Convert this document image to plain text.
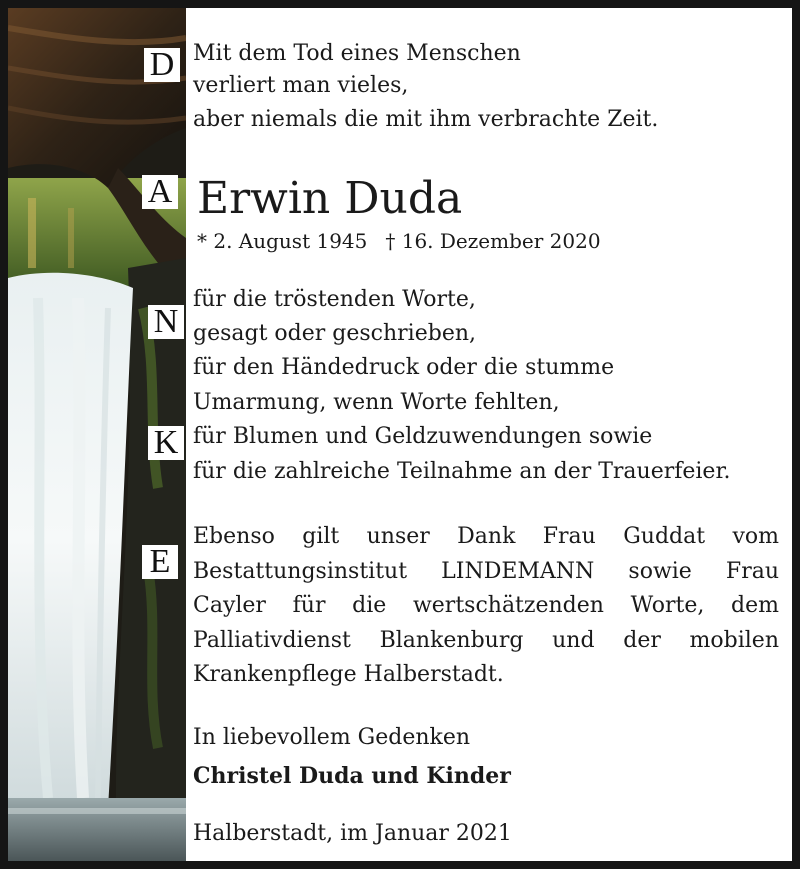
D
A
N
K
E
Mit dem Tod eines Menschen
verliert man vieles,
aber niemals die mit ihm verbrachte Zeit.
Erwin Duda
* 2. August 1945 † 16. Dezember 2020
für die tröstenden Worte,
gesagt oder geschrieben,
für den Händedruck oder die stumme
Umarmung, wenn Worte fehlten,
für Blumen und Geldzuwendungen sowie
für die zahlreiche Teilnahme an der Trauerfeier.
Ebenso gilt unser Dank Frau Guddat vom
Bestattungsinstitut LINDEMANN sowie Frau
Cayler für die wertschätzenden Worte, dem
Palliativdienst Blankenburg und der mobilen
Krankenpflege Halberstadt.
In liebevollem Gedenken
Christel Duda und Kinder
Halberstadt, im Januar 2021
